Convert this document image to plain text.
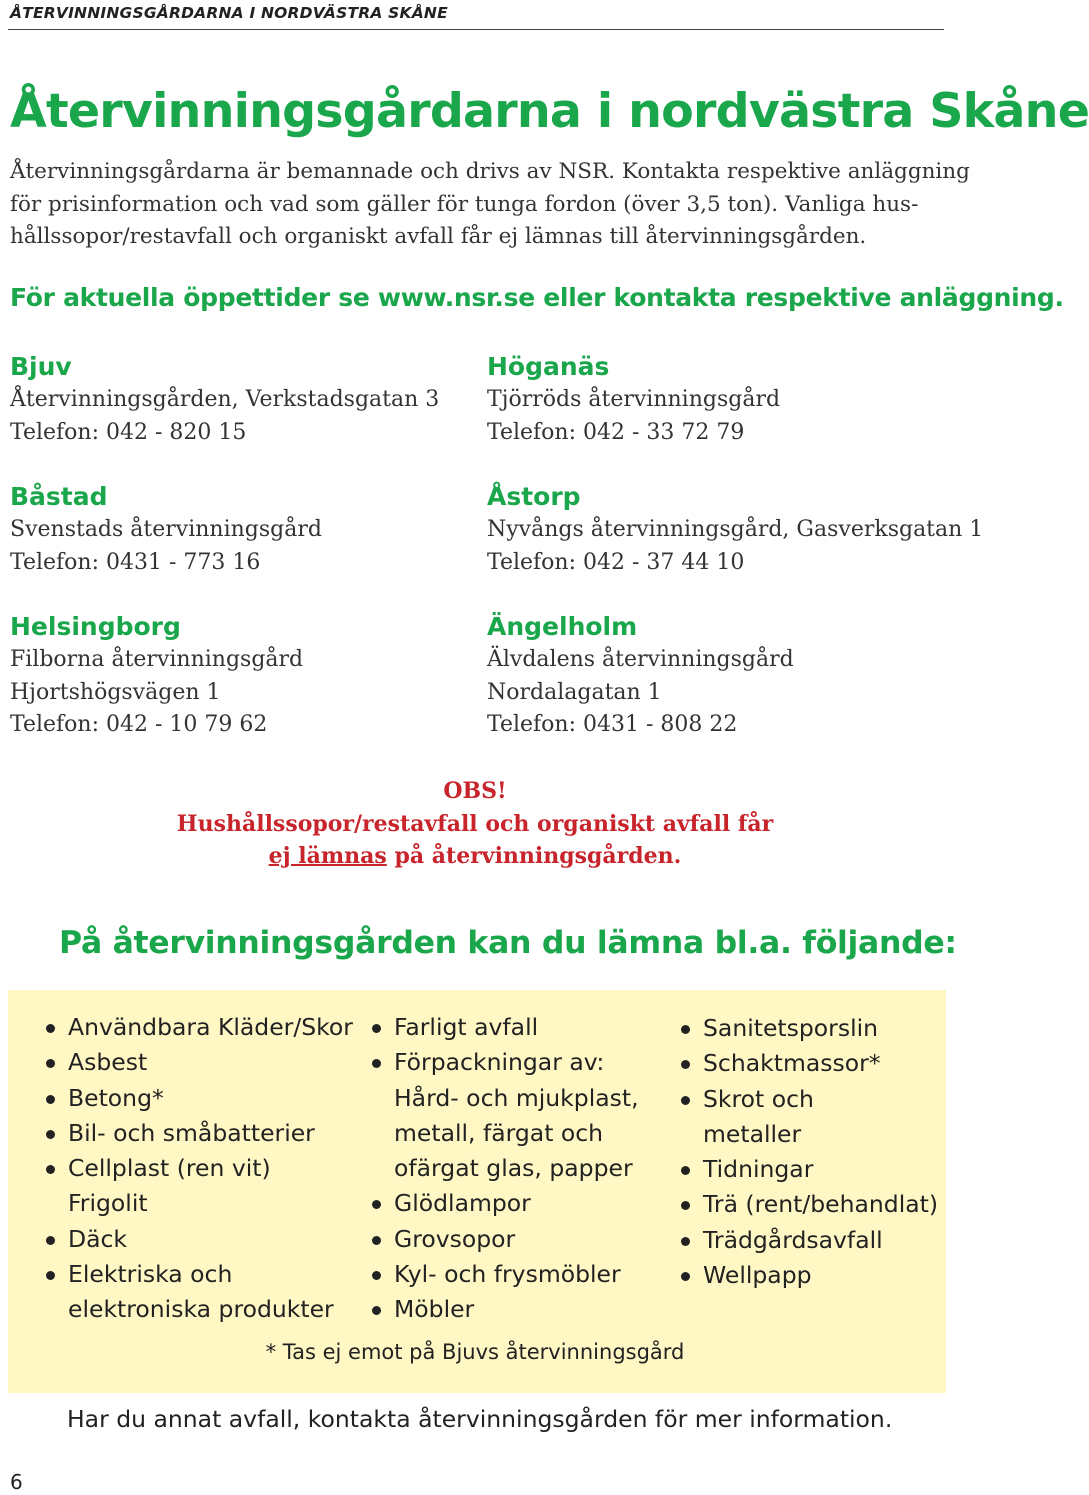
ÅTERVINNINGSGÅRDARNA I NORDVÄSTRA SKÅNE
Återvinningsgårdarna i nordvästra Skåne
Återvinningsgårdarna är bemannade och drivs av NSR. Kontakta respektive anläggning
för prisinformation och vad som gäller för tunga fordon (över 3,5 ton). Vanliga hus-
hållssopor/restavfall och organiskt avfall får ej lämnas till återvinningsgården.
För aktuella öppettider se www.nsr.se eller kontakta respektive anläggning.
Bjuv
Återvinningsgården, Verkstadsgatan 3
Telefon: 042 - 820 15
Båstad
Svenstads återvinningsgård
Telefon: 0431 - 773 16
Helsingborg
Filborna återvinningsgård
Hjortshögsvägen 1
Telefon: 042 - 10 79 62
Höganäs
Tjörröds återvinningsgård
Telefon: 042 - 33 72 79
Åstorp
Nyvångs återvinningsgård, Gasverksgatan 1
Telefon: 042 - 37 44 10
Ängelholm
Älvdalens återvinningsgård
Nordalagatan 1
Telefon: 0431 - 808 22
OBS!
Hushållssopor/restavfall och organiskt avfall får
ej lämnas på återvinningsgården.
På återvinningsgården kan du lämna bl.a. följande:
Användbara Kläder/Skor
Asbest
Betong*
Bil- och småbatterier
Cellplast (ren vit)
Frigolit
Däck
Elektriska och
elektroniska produkter
Farligt avfall
Förpackningar av:
Hård- och mjukplast,
metall, färgat och
ofärgat glas, papper
Glödlampor
Grovsopor
Kyl- och frysmöbler
Möbler
Sanitetsporslin
Schaktmassor*
Skrot och
metaller
Tidningar
Trä (rent/behandlat)
Trädgårdsavfall
Wellpapp
* Tas ej emot på Bjuvs återvinningsgård
Har du annat avfall, kontakta återvinningsgården för mer information.
6
